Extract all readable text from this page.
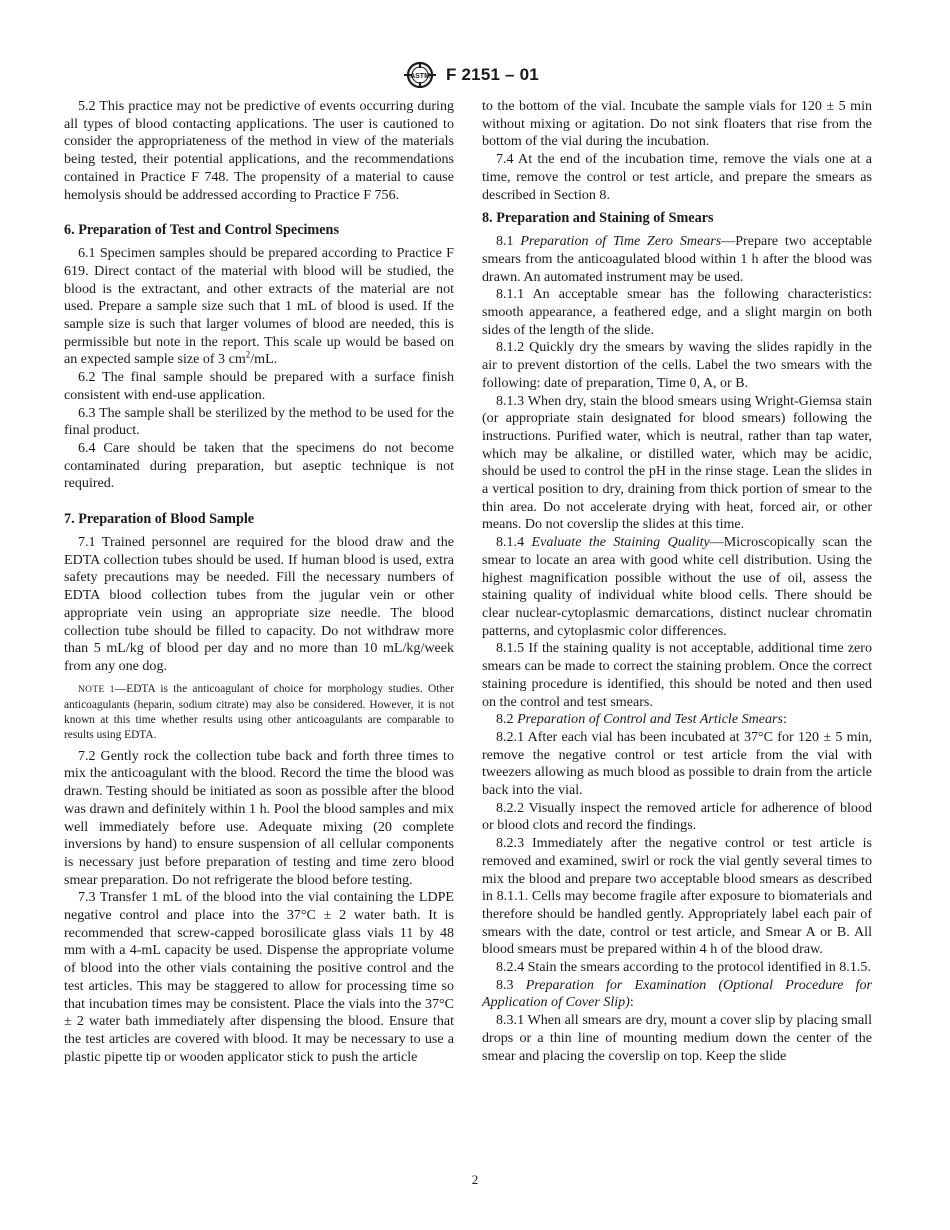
ASTM F 2151 – 01

5.2 This practice may not be predictive of events occurring during all types of blood contacting applications. The user is cautioned to consider the appropriateness of the method in view of the materials being tested, their potential applications, and the recommendations contained in Practice F 748. The propensity of a material to cause hemolysis should be addressed according to Practice F 756.

6. Preparation of Test and Control Specimens

6.1 Specimen samples should be prepared according to Practice F 619. Direct contact of the material with blood will be studied, the blood is the extractant, and other extracts of the material are not used. Prepare a sample size such that 1 mL of blood is used. If the sample size is such that larger volumes of blood are needed, this is permissible but note in the report. This scale up would be based on an expected sample size of 3 $cm^2/mL$.

6.2 The final sample should be prepared with a surface finish consistent with end-use application.

6.3 The sample shall be sterilized by the method to be used for the final product.

6.4 Care should be taken that the specimens do not become contaminated during preparation, but aseptic technique is not required.

7. Preparation of Blood Sample

7.1 Trained personnel are required for the blood draw and the EDTA collection tubes should be used. If human blood is used, extra safety precautions may be needed. Fill the necessary numbers of EDTA blood collection tubes from the jugular vein or other appropriate vein using an appropriate size needle. The blood collection tube should be filled to capacity. Do not withdraw more than 5 mL/kg of blood per day and no more than 10 mL/kg/week from any one dog.

NOTE 1—EDTA is the anticoagulant of choice for morphology studies. Other anticoagulants (heparin, sodium citrate) may also be considered. However, it is not known at this time whether results using other anticoagulants are comparable to results using EDTA.

7.2 Gently rock the collection tube back and forth three times to mix the anticoagulant with the blood. Record the time the blood was drawn. Testing should be initiated as soon as possible after the blood was drawn and definitely within 1 h. Pool the blood samples and mix well immediately before use. Adequate mixing (20 complete inversions by hand) to ensure suspension of all cellular components is necessary just before preparation of testing and time zero blood smear preparation. Do not refrigerate the blood before testing.

7.3 Transfer 1 mL of the blood into the vial containing the LDPE negative control and place into the 37°C ± 2 water bath. It is recommended that screw-capped borosilicate glass vials 11 by 48 mm with a 4-mL capacity be used. Dispense the appropriate volume of blood into the other vials containing the positive control and the test articles. This may be staggered to allow for processing time so that incubation times may be consistent. Place the vials into the 37°C ± 2 water bath immediately after dispensing the blood. Ensure that the test articles are covered with blood. It may be necessary to use a plastic pipette tip or wooden applicator stick to push the article

to the bottom of the vial. Incubate the sample vials for 120 ± 5 min without mixing or agitation. Do not sink floaters that rise from the bottom of the vial during the incubation.

7.4 At the end of the incubation time, remove the vials one at a time, remove the control or test article, and prepare the smears as described in Section 8.

8. Preparation and Staining of Smears

8.1 Preparation of Time Zero Smears—Prepare two acceptable smears from the anticoagulated blood within 1 h after the blood was drawn. An automated instrument may be used.

8.1.1 An acceptable smear has the following characteristics: smooth appearance, a feathered edge, and a slight margin on both sides of the length of the slide.

8.1.2 Quickly dry the smears by waving the slides rapidly in the air to prevent distortion of the cells. Label the two smears with the following: date of preparation, Time 0, A, or B.

8.1.3 When dry, stain the blood smears using Wright-Giemsa stain (or appropriate stain designated for blood smears) following the instructions. Purified water, which is neutral, rather than tap water, which may be alkaline, or distilled water, which may be acidic, should be used to control the pH in the rinse stage. Lean the slides in a vertical position to dry, draining from thick portion of smear to the thin area. Do not accelerate drying with heat, forced air, or other means. Do not coverslip the slides at this time.

8.1.4 Evaluate the Staining Quality—Microscopically scan the smear to locate an area with good white cell distribution. Using the highest magnification possible without the use of oil, assess the staining quality of individual white blood cells. There should be clear nuclear-cytoplasmic demarcations, distinct nuclear chromatin patterns, and cytoplasmic color differences.

8.1.5 If the staining quality is not acceptable, additional time zero smears can be made to correct the staining problem. Once the correct staining procedure is identified, this should be noted and then used on the control and test smears.

8.2 Preparation of Control and Test Article Smears:

8.2.1 After each vial has been incubated at 37°C for 120 ± 5 min, remove the negative control or test article from the vial with tweezers allowing as much blood as possible to drain from the article back into the vial.

8.2.2 Visually inspect the removed article for adherence of blood or blood clots and record the findings.

8.2.3 Immediately after the negative control or test article is removed and examined, swirl or rock the vial gently several times to mix the blood and prepare two acceptable blood smears as described in 8.1.1. Cells may become fragile after exposure to biomaterials and therefore should be handled gently. Appropriately label each pair of smears with the date, control or test article, and Smear A or B. All blood smears must be prepared within 4 h of the blood draw.

8.2.4 Stain the smears according to the protocol identified in 8.1.5.

8.3 Preparation for Examination (Optional Procedure for Application of Cover Slip):

8.3.1 When all smears are dry, mount a cover slip by placing small drops or a thin line of mounting medium down the center of the smear and placing the coverslip on top. Keep the slide

2
